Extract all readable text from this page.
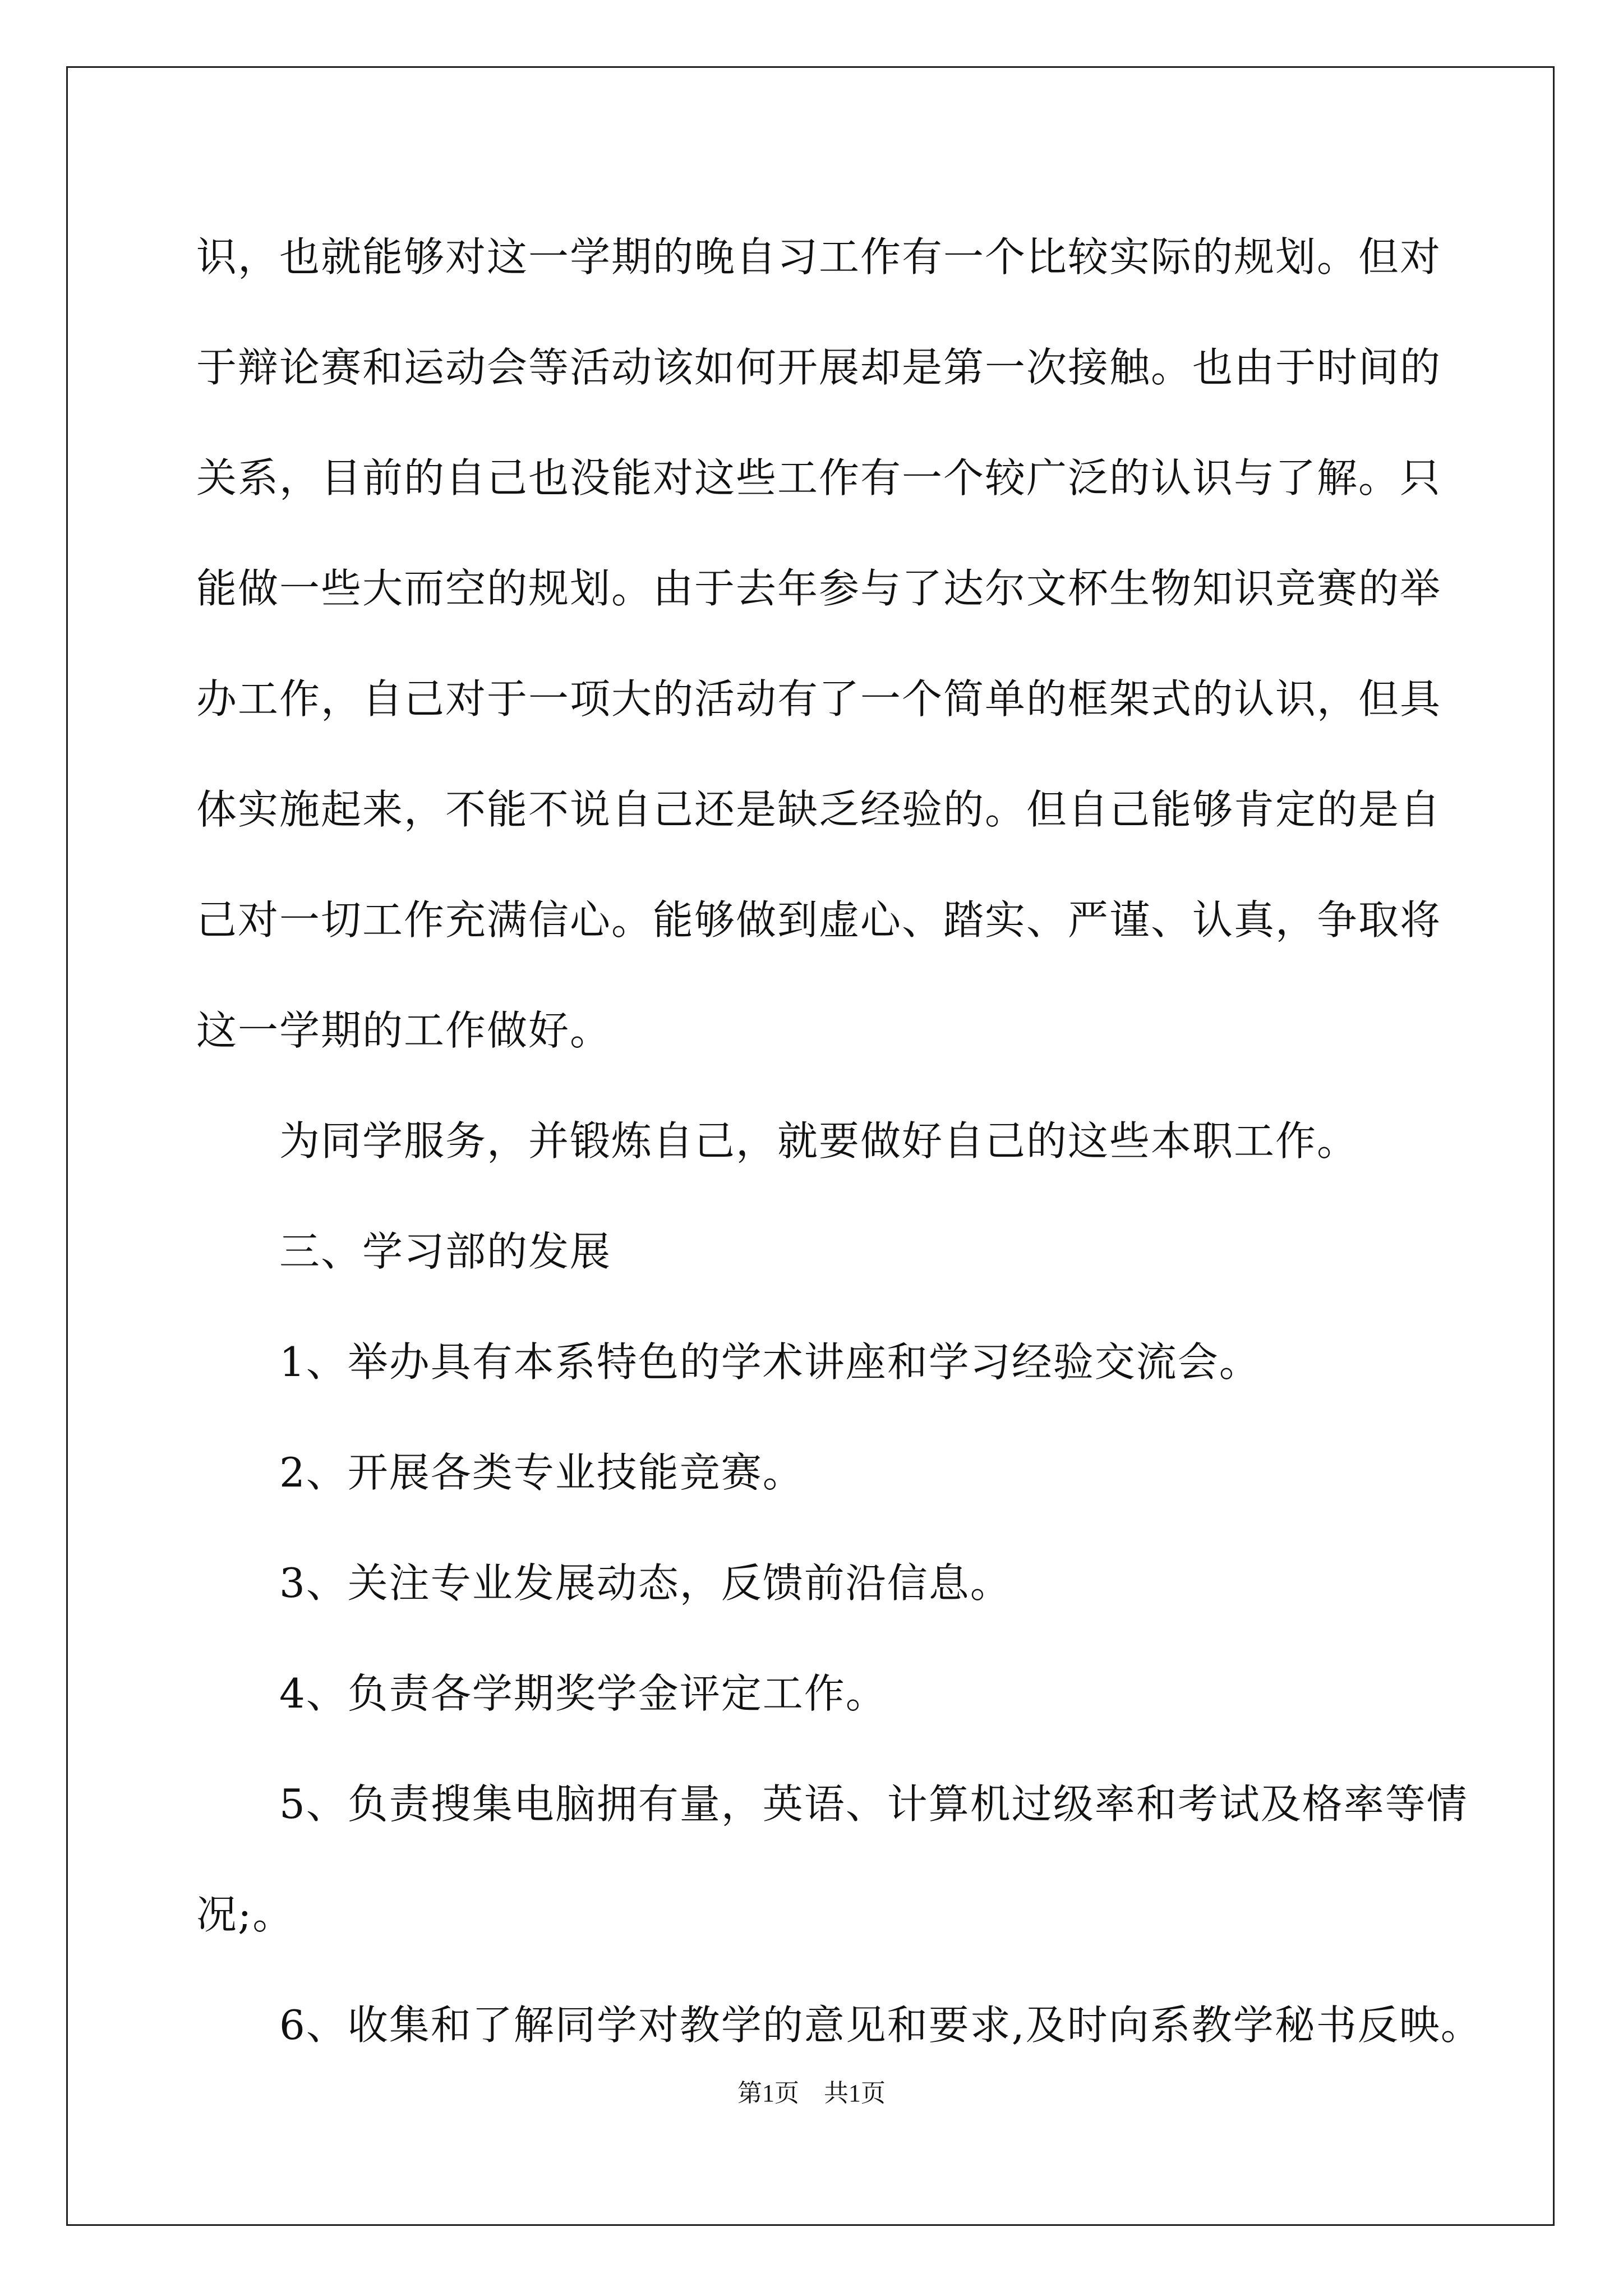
识，也就能够对这一学期的晚自习工作有一个比较实际的规划。但对

于辩论赛和运动会等活动该如何开展却是第一次接触。也由于时间的

关系，目前的自己也没能对这些工作有一个较广泛的认识与了解。只

能做一些大而空的规划。由于去年参与了达尔文杯生物知识竞赛的举

办工作，自己对于一项大的活动有了一个简单的框架式的认识，但具

体实施起来，不能不说自己还是缺乏经验的。但自己能够肯定的是自

己对一切工作充满信心。能够做到虚心、踏实、严谨、认真，争取将

这一学期的工作做好。

为同学服务，并锻炼自己，就要做好自己的这些本职工作。

三、学习部的发展

1、举办具有本系特色的学术讲座和学习经验交流会。

2、开展各类专业技能竞赛。

3、关注专业发展动态，反馈前沿信息。

4、负责各学期奖学金评定工作。

5、负责搜集电脑拥有量，英语、计算机过级率和考试及格率等情

况;。

6、收集和了解同学对教学的意见和要求,及时向系教学秘书反映。

第1页 共1页
